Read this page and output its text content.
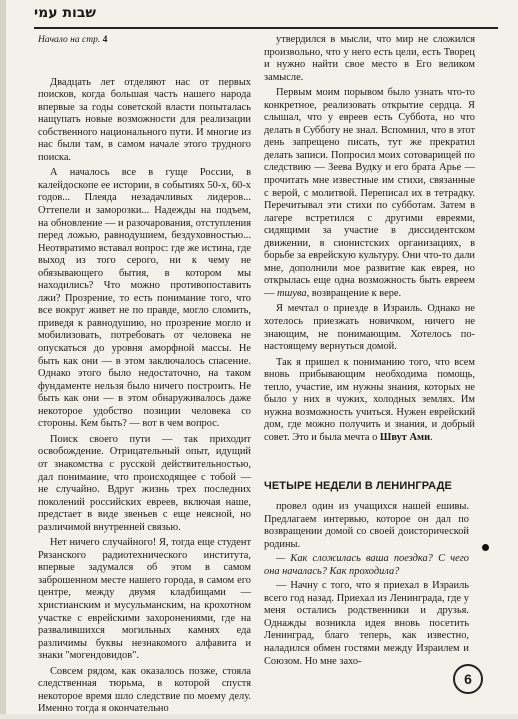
שבות עמי
Начало на стр. 4

Двадцать лет отделяют нас от первых поисков, когда большая часть нашего народа впервые за годы советской власти попыталась нащупать новые возможности для реализации собственного национального пути. И многие из нас были там, в самом начале этого трудного поиска.

А началось все в гуще России, в калейдоскопе ее истории, в событиях 50-х, 60-х годов... Плеяда незадачливых лидеров... Оттепели и заморозки... Надежды на подъем, на обновление — и разочарования, отступления перед ложью, равнодушием, бездуховностью... Неотвратимо вставал вопрос: где же истина, где выход из того серого, ни к чему не обязывающего бытия, в котором мы находились? Что можно противопоставить лжи? Прозрение, то есть понимание того, что все вокруг живет не по правде, могло сломить, приведя к равнодушию, но прозрение могло и мобилизовать, потребовать от человека не опускаться до уровня аморфной массы. Не быть как они — в этом заключалось спасение. Однако этого было недостаточно, на таком фундаменте нельзя было ничего построить. Не быть как они — в этом обнаруживалось даже некоторое удобство позиции человека со стороны. Кем быть? — вот в чем вопрос.

Поиск своего пути — так приходит освобождение. Отрицательный опыт, идущий от знакомства с русской действительностью, дал понимание, что происходящее с тобой — не случайно. Вдруг жизнь трех последних поколений российских евреев, включая наше, предстает в виде звеньев с еще неясной, но различимой внутренней связью.

Нет ничего случайного! Я, тогда еще студент Рязанского радиотехнического института, впервые задумался об этом в самом заброшенном месте нашего города, в самом его центре, между двумя кладбищами — христианским и мусульманским, на крохотном участке с еврейскими захоронениями, где на развалившихся могильных камнях еда различимы буквы незнакомого алфавита и знаки "могендовидов".

Совсем рядом, как оказалось позже, стояла следственная тюрьма, в которой спустя некоторое время шло следствие по моему делу. Именно тогда я окончательно

утвердился в мысли, что мир не сложился произвольно, что у него есть цели, есть Творец и нужно найти свое место в Его великом замысле.

Первым моим порывом было узнать что-то конкретное, реализовать открытие сердца. Я слышал, что у евреев есть Суббота, но что делать в Субботу не знал. Вспомнил, что в этот день запрещено писать, тут же прекратил делать записи. Попросил моих сотоварищей по следствию — Зеева Вудку и его брата Арье — прочитать мне известные им стихи, связанные с верой, с молитвой. Переписал их в тетрадку. Перечитывал эти стихи по субботам. Затем в лагере встретился с другими евреями, сидящими за участие в диссидентском движении, в сионистских организациях, в борьбе за еврейскую культуру. Они что-то дали мне, дополнили мое развитие как еврея, но открылась еще одна возможность быть евреем — тшува, возвращение к вере.

Я мечтал о приезде в Израиль. Однако не хотелось приезжать новичком, ничего не знающим, не понимающим. Хотелось по-настоящему вернуться домой.

Так я пришел к пониманию того, что всем вновь прибывающим необходима помощь, тепло, участие, им нужны знания, которых не было у них в чужих, холодных землях. Им нужна возможность учиться. Нужен еврейский дом, где можно получить и знания, и добрый совет. Это и была мечта о Швут Ами.

ЧЕТЫРЕ НЕДЕЛИ В ЛЕНИНГРАДЕ

провел один из учащихся нашей ешивы. Предлагаем интервью, которое он дал по возвращении домой со своей доисторической родины.

— Как сложилась ваша поездка? С чего она началась? Как проходила?

— Начну с того, что я приехал в Израиль всего год назад. Приехал из Ленинграда, где у меня остались родственники и друзья. Однажды возникла идея вновь посетить Ленинград, благо теперь, как известно, наладился обмен гостями между Израилем и Союзом. Но мне захо-

6
